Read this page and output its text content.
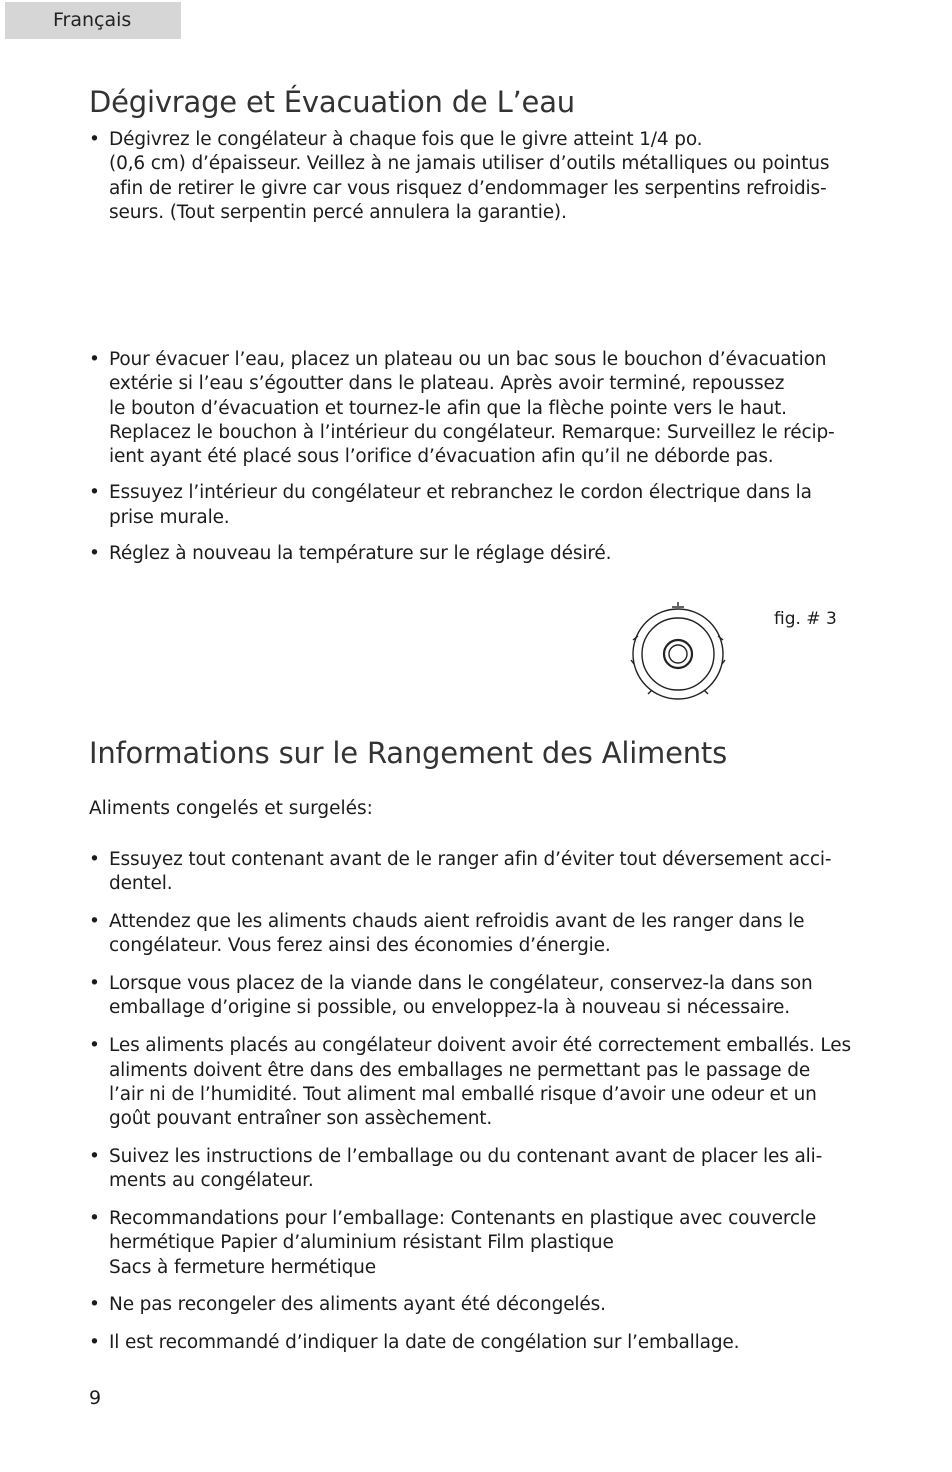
Français
Dégivrage et Évacuation de L’eau
• Dégivrez le congélateur à chaque fois que le givre atteint 1/4 po.
(0,6 cm) d’épaisseur. Veillez à ne jamais utiliser d’outils métalliques ou pointus
afin de retirer le givre car vous risquez d’endommager les serpentins refroidis-
seurs. (Tout serpentin percé annulera la garantie).
• Pour évacuer l’eau, placez un plateau ou un bac sous le bouchon d’évacuation
extérie si l’eau s’égoutter dans le plateau. Après avoir terminé, repoussez
le bouton d’évacuation et tournez-le afin que la flèche pointe vers le haut.
Replacez le bouchon à l’intérieur du congélateur. Remarque: Surveillez le récip-
ient ayant été placé sous l’orifice d’évacuation afin qu’il ne déborde pas.
• Essuyez l’intérieur du congélateur et rebranchez le cordon électrique dans la
prise murale.
• Réglez à nouveau la température sur le réglage désiré.
fig. # 3
Informations sur le Rangement des Aliments
Aliments congelés et surgelés:
• Essuyez tout contenant avant de le ranger afin d’éviter tout déversement acci-
dentel.
• Attendez que les aliments chauds aient refroidis avant de les ranger dans le
congélateur. Vous ferez ainsi des économies d’énergie.
• Lorsque vous placez de la viande dans le congélateur, conservez-la dans son
emballage d’origine si possible, ou enveloppez-la à nouveau si nécessaire.
• Les aliments placés au congélateur doivent avoir été correctement emballés. Les
aliments doivent être dans des emballages ne permettant pas le passage de
l’air ni de l’humidité. Tout aliment mal emballé risque d’avoir une odeur et un
goût pouvant entraîner son assèchement.
• Suivez les instructions de l’emballage ou du contenant avant de placer les ali-
ments au congélateur.
• Recommandations pour l’emballage: Contenants en plastique avec couvercle
hermétique Papier d’aluminium résistant Film plastique
Sacs à fermeture hermétique
• Ne pas recongeler des aliments ayant été décongelés.
• Il est recommandé d’indiquer la date de congélation sur l’emballage.
9
